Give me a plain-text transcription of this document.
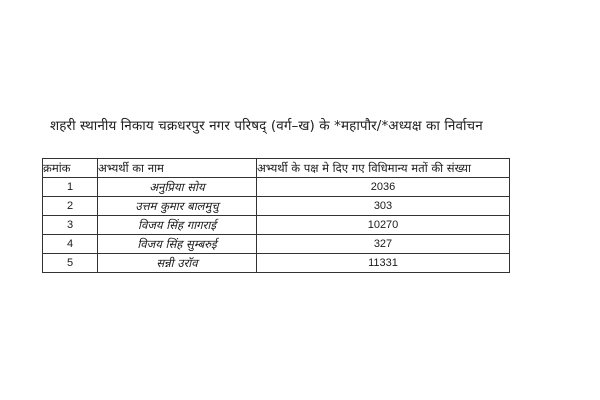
शहरी स्थानीय निकाय चक्रधरपुर नगर परिषद् (वर्ग–ख) के *महापौर/*अध्यक्ष का निर्वाचन
क्रमांक	अभ्यर्थी का नाम	अभ्यर्थी के पक्ष मे दिए गए विधिमान्य मतों की संख्या
1	अनुप्रिया सोय	2036
2	उत्तम कुमार बालमुचु	303
3	विजय सिंह गागराई	10270
4	विजय सिंह सुम्बरुई	327
5	सन्नी उरॉव	11331
